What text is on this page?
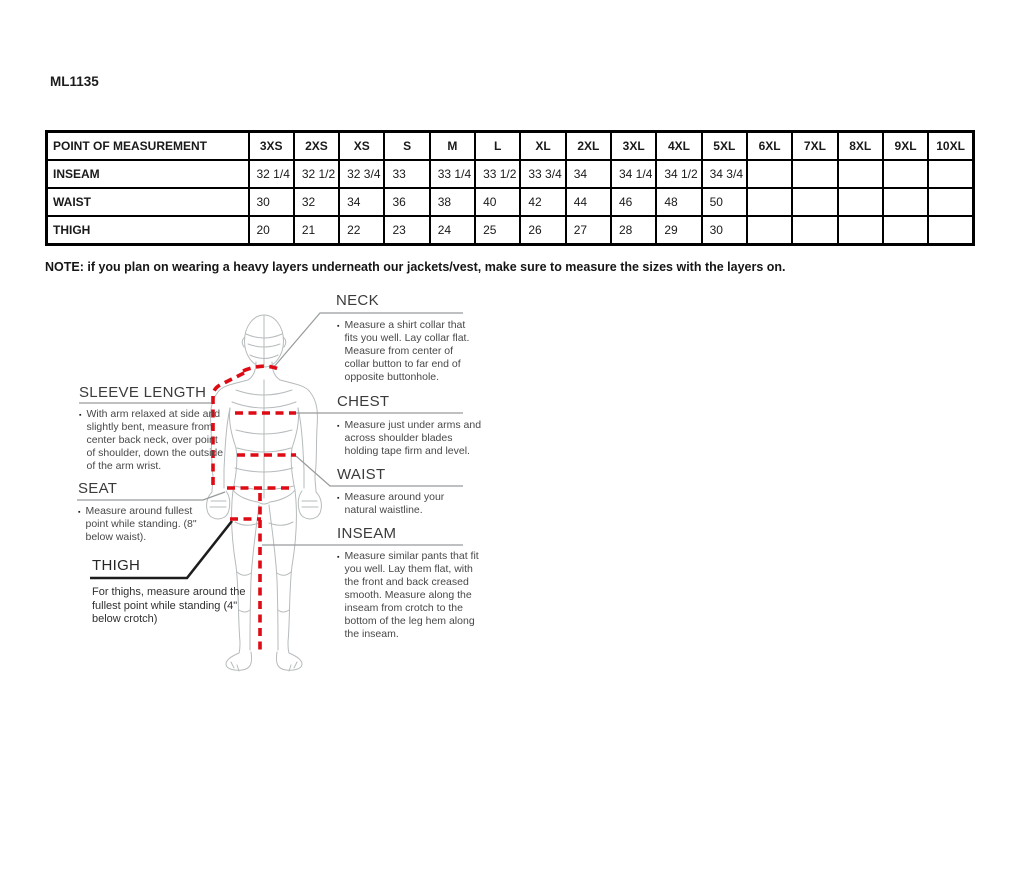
ML1135
POINT OF MEASUREMENT	3XS	2XS	XS	S	M	L	XL	2XL	3XL	4XL	5XL	6XL	7XL	8XL	9XL	10XL
INSEAM	32 1/4	32 1/2	32 3/4	33	33 1/4	33 1/2	33 3/4	34	34 1/4	34 1/2	34 3/4					
WAIST	30	32	34	36	38	40	42	44	46	48	50					
THIGH	20	21	22	23	24	25	26	27	28	29	30					
NOTE: if you plan on wearing a heavy layers underneath our jackets/vest, make sure to measure the sizes with the layers on.
NECK
▪ Measure a shirt collar that fits you well. Lay collar flat. Measure from center of collar button to far end of opposite buttonhole.
CHEST
▪ Measure just under arms and across shoulder blades holding tape firm and level.
WAIST
▪ Measure around your natural waistline.
INSEAM
▪ Measure similar pants that fit you well. Lay them flat, with the front and back creased smooth. Measure along the inseam from crotch to the bottom of the leg hem along the inseam.
SLEEVE LENGTH
▪ With arm relaxed at side and slightly bent, measure from center back neck, over point of shoulder, down the outside of the arm wrist.
SEAT
▪ Measure around fullest point while standing. (8" below waist).
THIGH
For thighs, measure around the fullest point while standing (4" below crotch)
